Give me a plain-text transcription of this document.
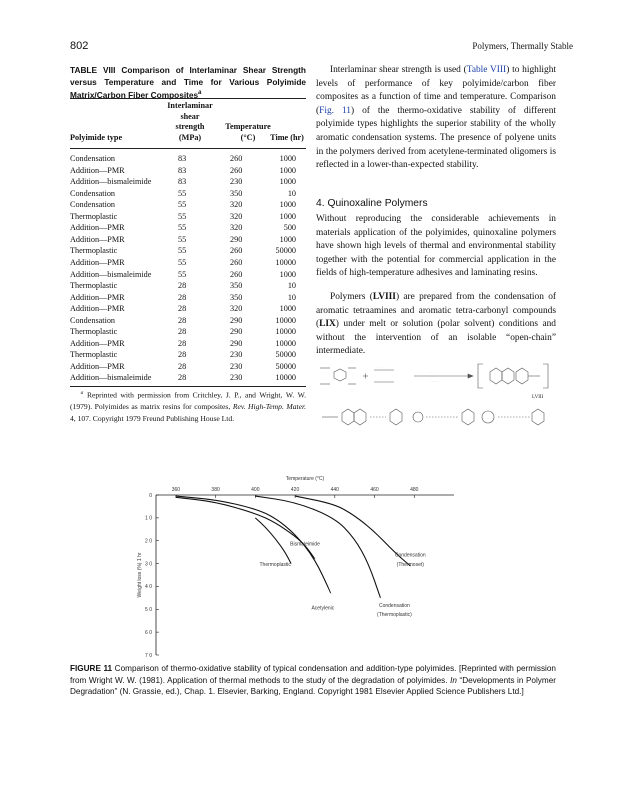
802	Polymers, Thermally Stable
TABLE VIII Comparison of Interlaminar Shear Strength versus Temperature and Time for Various Polyimide Matrix/Carbon Fiber Composites$^a$
Polyimide type
Interlaminar
shear
strength
(MPa)
Temperature
(°C)	Time (hr)
Condensation	83	260	1000
Addition—PMR	83	260	1000
Addition—bismaleimide	83	230	1000
Condensation	55	350	10
Condensation	55	320	1000
Thermoplastic	55	320	1000
Addition—PMR	55	320	500
Addition—PMR	55	290	1000
Thermoplastic	55	260	50000
Addition—PMR	55	260	10000
Addition—bismaleimide	55	260	1000
Thermoplastic	28	350	10
Addition—PMR	28	350	10
Addition—PMR	28	320	1000
Condensation	28	290	10000
Thermoplastic	28	290	10000
Addition—PMR	28	290	10000
Thermoplastic	28	230	50000
Addition—PMR	28	230	50000
Addition—bismaleimide	28	230	10000
$^a$ Reprinted with permission from Critchley, J. P., and Wright, W. W. (1979). Polyimides as matrix resins for composites, Rev. High-Temp. Mater. 4, 107. Copyright 1979 Freund Publishing House Ltd.
Interlaminar shear strength is used (Table VIII) to highlight levels of performance of key polyimide/carbon fiber composites as a function of time and temperature. Comparison (Fig. 11) of the thermo-oxidative stability of different polyimide types highlights the superior stability of the wholly aromatic condensation systems. The presence of polyene units in the polymers derived from acetylene-terminated oligomers is reflected in a lower-than-expected stability.
4. Quinoxaline Polymers
Without reproducing the considerable achievements in materials application of the polyimides, quinoxaline polymers have shown high levels of thermal and environmental stability together with the potential for commercial application in the fields of high-temperature adhesives and laminating resins.
Polymers (LVIII) are prepared from the condensation of aromatic tetraamines and aromatic tetra-carbonyl compounds (LIX) under melt or solution (polar solvent) conditions and without the intervention of an isolable “open-chain” intermediate.
· · ·
· · ·
· · · · · ·
LVIII
360	380	400	420	440	460	480
0
1 0
2 0
3 0
4 0
5 0
6 0
7 0
Temperature (°C)
Weight loss (%) 1 hr	Thermoplastic
Acetylenic
Bismaleimide
Condensation
(Thermoplastic)
Condensation
(Thermoset)
FIGURE 11 Comparison of thermo-oxidative stability of typical condensation and addition-type polyimides. [Reprinted with permission from Wright W. W. (1981). Application of thermal methods to the study of the degradation of polyimides. In “Developments in Polymer Degradation” (N. Grassie, ed.), Chap. 1. Elsevier, Barking, England. Copyright 1981 Elsevier Applied Science Publishers Ltd.]
